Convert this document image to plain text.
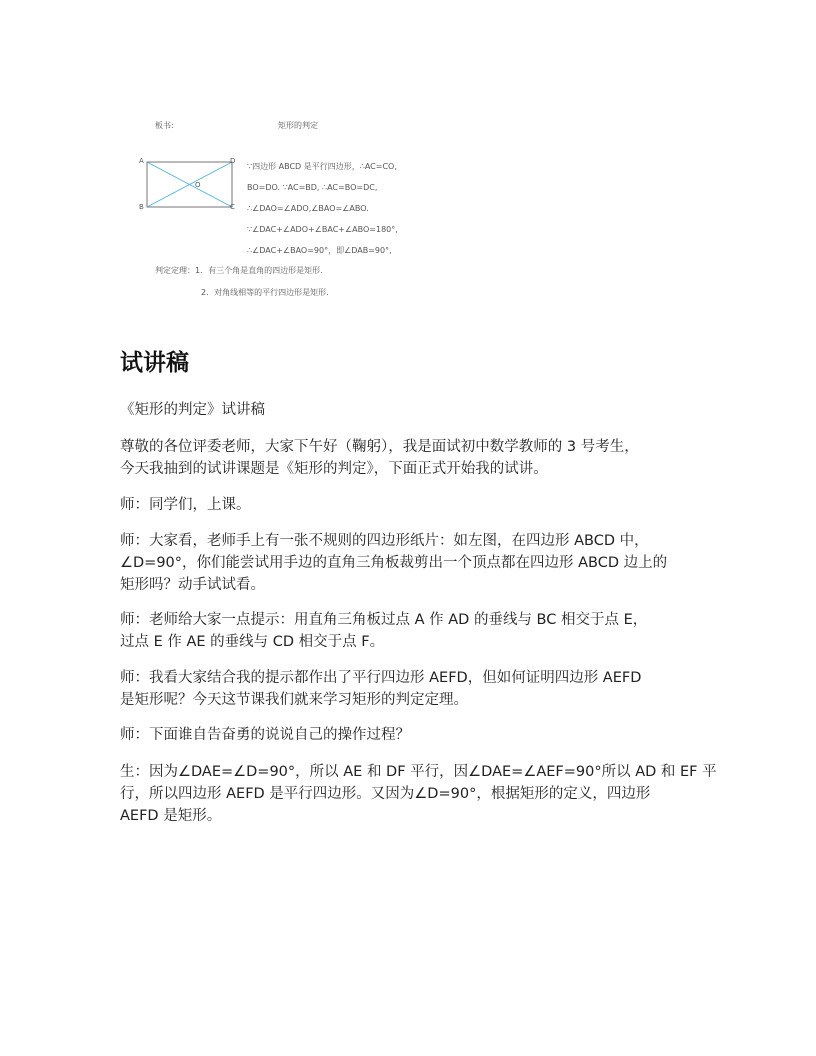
板书:	矩形的判定
A	D
B	C
O
∵四边形 ABCD 是平行四边形，∴AC=CO,
BO=DO. ∵AC=BD, ∴AC=BO=DC,
∴∠DAO=∠ADO,∠BAO=∠ABO.
∵∠DAC+∠ADO+∠BAC+∠ABO=180°,
∴∠DAC+∠BAO=90°，即∠DAB=90°,
判定定理：1．有三个角是直角的四边形是矩形.
2．对角线相等的平行四边形是矩形.
试讲稿
《矩形的判定》试讲稿
尊敬的各位评委老师，大家下午好（鞠躬），我是面试初中数学教师的 3 号考生，
今天我抽到的试讲课题是《矩形的判定》，下面正式开始我的试讲。
师：同学们，上课。
师：大家看，老师手上有一张不规则的四边形纸片：如左图，在四边形 ABCD 中，
∠D=90°，你们能尝试用手边的直角三角板裁剪出一个顶点都在四边形 ABCD 边上的
矩形吗？动手试试看。
师：老师给大家一点提示：用直角三角板过点 A 作 AD 的垂线与 BC 相交于点 E，
过点 E 作 AE 的垂线与 CD 相交于点 F。
师：我看大家结合我的提示都作出了平行四边形 AEFD，但如何证明四边形 AEFD
是矩形呢？今天这节课我们就来学习矩形的判定定理。
师：下面谁自告奋勇的说说自己的操作过程？
生：因为∠DAE=∠D=90°，所以 AE 和 DF 平行，因∠DAE=∠AEF=90°所以 AD 和 EF 平
行，所以四边形 AEFD 是平行四边形。又因为∠D=90°，根据矩形的定义，四边形
AEFD 是矩形。
